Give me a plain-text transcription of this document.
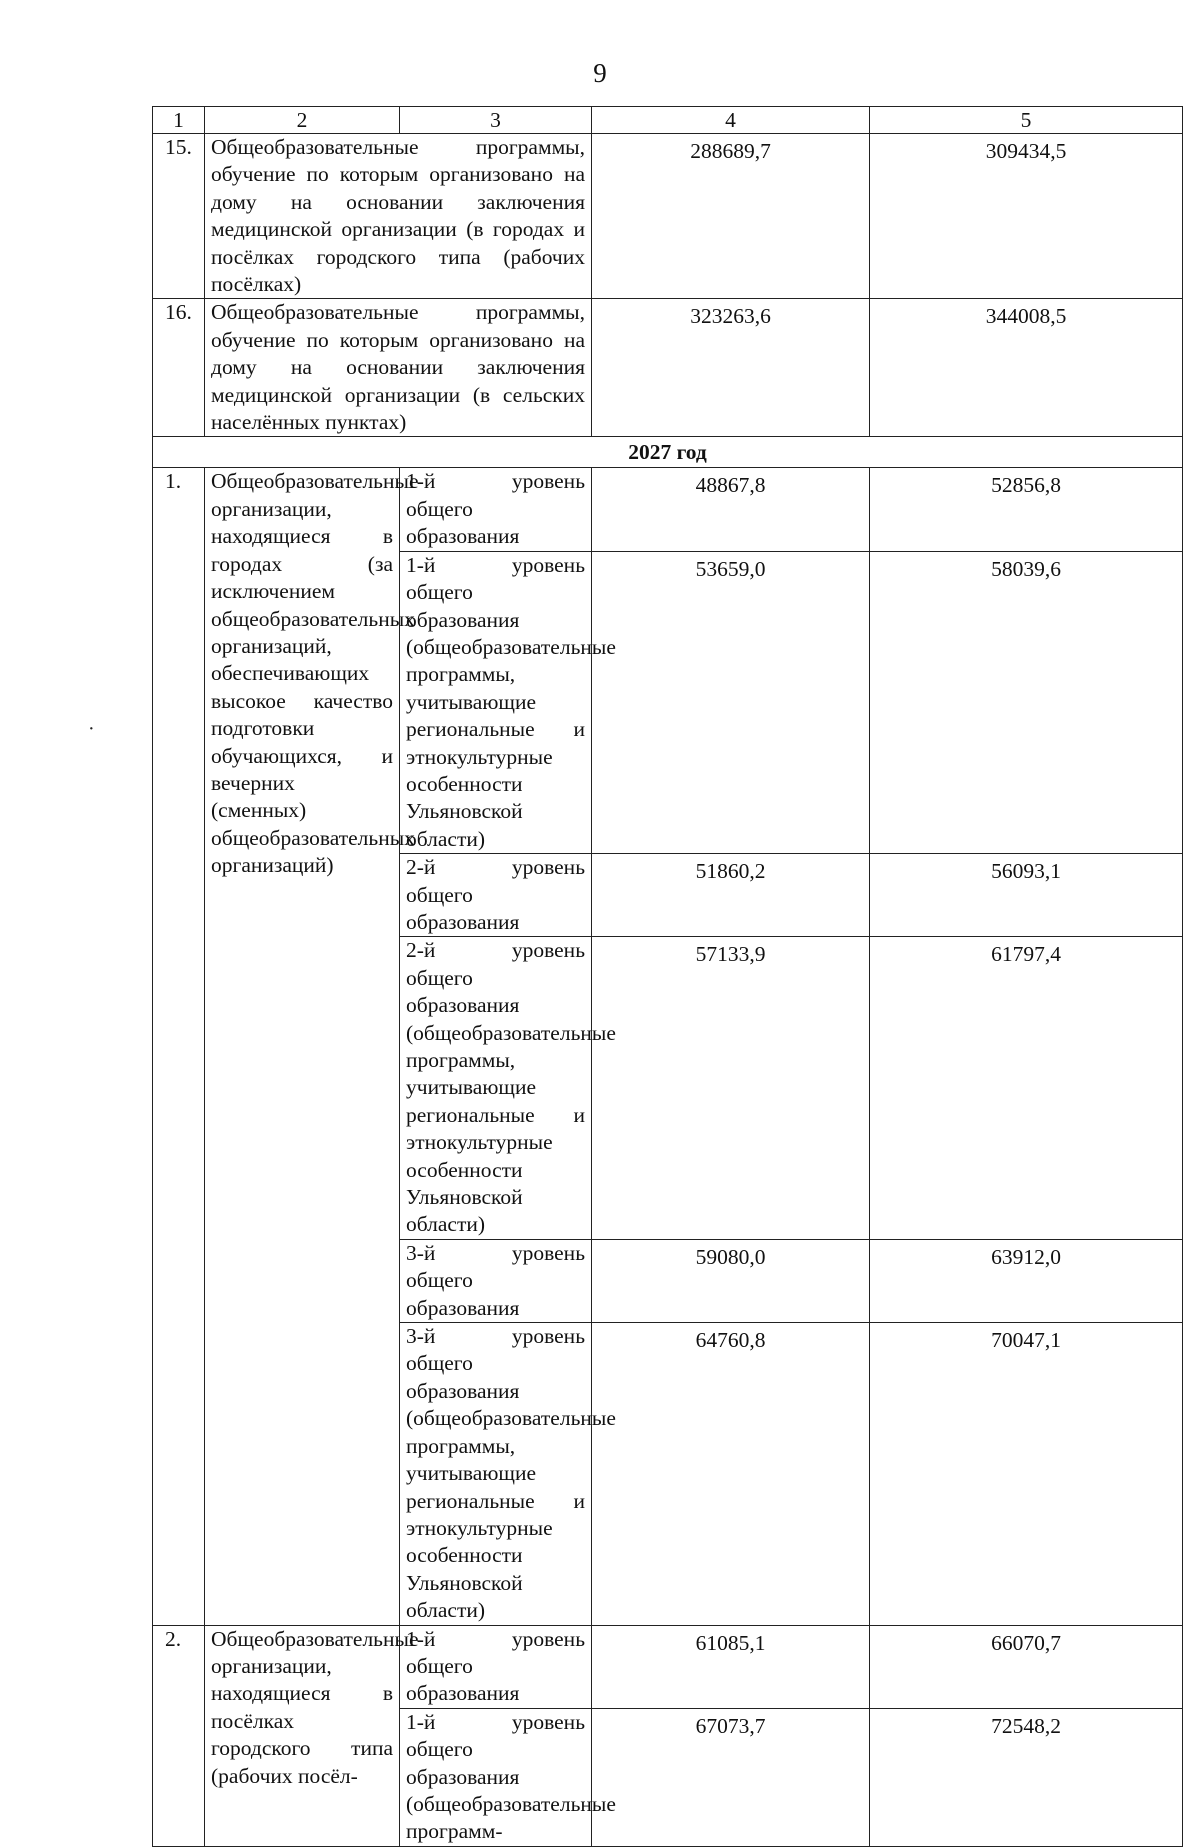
9
1	2	3	4	5
15.	Общеобразовательные программы, обучение по которым организовано на дому на основании заключения медицинской организации (в городах и посёлках городского типа (рабочих посёлках)		288689,7	309434,5
16.	Общеобразовательные программы, обучение по которым организовано на дому на основании заключения медицинской организации (в сельских населённых пунктах)		323263,6	344008,5
2027 год				
1.	Общеобразовательные организации, находящиеся в городах (за исключением общеобразовательных организаций, обеспечивающих высокое качество подготовки обучающихся, и вечерних (сменных) общеобразовательных организаций)	1-й уровень общего образования	48867,8	52856,8
		1-й уровень общего образования (общеобразовательные программы, учитывающие региональные и этнокультурные особенности Ульяновской области)	53659,0	58039,6
		2-й уровень общего образования	51860,2	56093,1
		2-й уровень общего образования (общеобразовательные программы, учитывающие региональные и этнокультурные особенности Ульяновской области)	57133,9	61797,4
		3-й уровень общего образования	59080,0	63912,0
		3-й уровень общего образования (общеобразовательные программы, учитывающие региональные и этнокультурные особенности Ульяновской области)	64760,8	70047,1
2.	Общеобразовательные организации, находящиеся в посёлках городского типа (рабочих посёл-	1-й уровень общего образования	61085,1	66070,7
		1-й уровень общего образования (общеобразовательные программ-	67073,7	72548,2
·
